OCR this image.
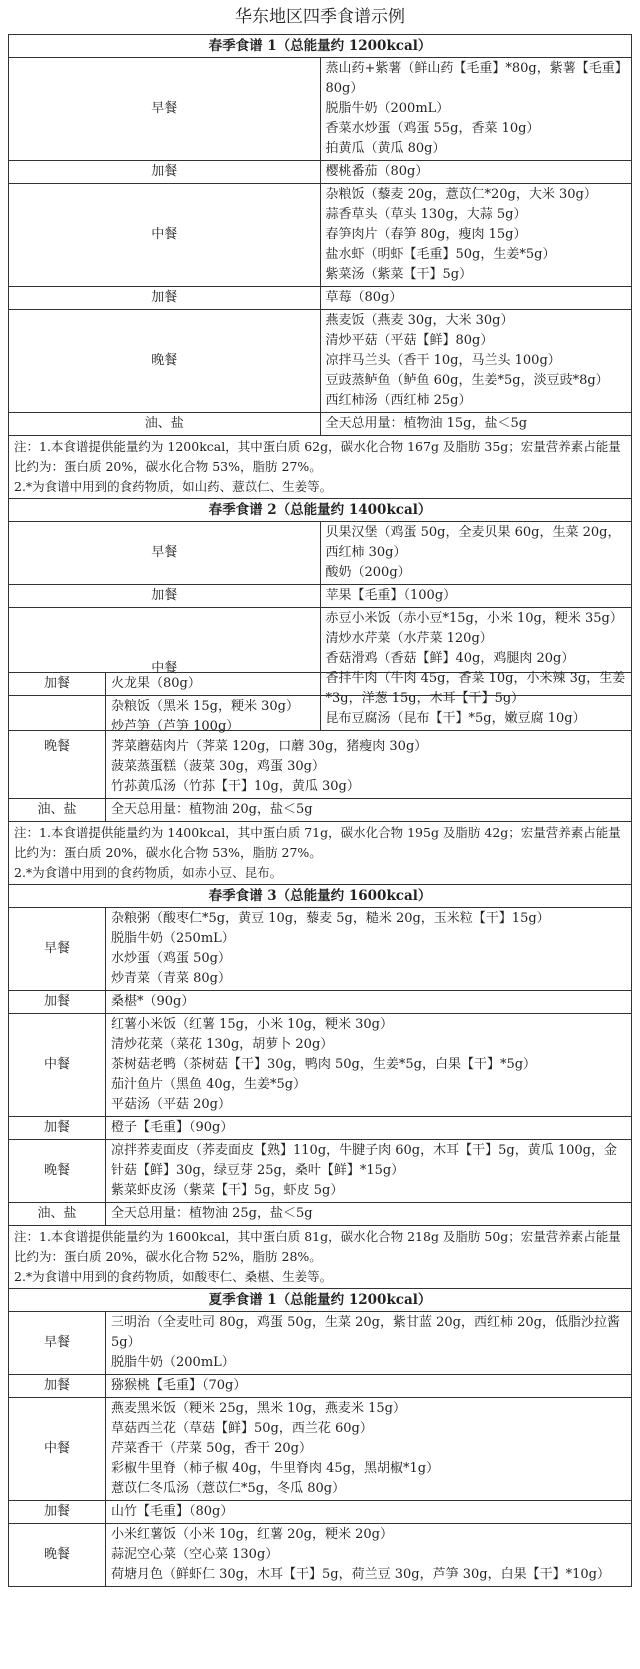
华东地区四季食谱示例
春季食谱 1（总能量约 1200kcal）	
早餐	蒸山药+紫薯（鲜山药【毛重】*80g，紫薯【毛重】80g）
脱脂牛奶（200mL）
香菜水炒蛋（鸡蛋 55g，香菜 10g）
拍黄瓜（黄瓜 80g）

加餐	樱桃番茄（80g）

中餐	杂粮饭（藜麦 20g，薏苡仁*20g，大米 30g）
蒜香草头（草头 130g，大蒜 5g）
春笋肉片（春笋 80g，瘦肉 15g）
盐水虾（明虾【毛重】50g，生姜*5g）
紫菜汤（紫菜【干】5g）

加餐	草莓（80g）

晚餐	燕麦饭（燕麦 30g，大米 30g）
清炒平菇（平菇【鲜】80g）
凉拌马兰头（香干 10g，马兰头 100g）
豆豉蒸鲈鱼（鲈鱼 60g，生姜*5g，淡豆豉*8g）
西红柿汤（西红柿 25g）

油、盐	全天总用量：植物油 15g，盐＜5g

注：1.本食谱提供能量约为 1200kcal，其中蛋白质 62g，碳水化合物 167g 及脂肪 35g；宏量营养素占能量比约为：蛋白质 20%，碳水化合物 53%，脂肪 27%。
2.*为食谱中用到的食药物质，如山药、薏苡仁、生姜等。	

春季食谱 2（总能量约 1400kcal）	
早餐	贝果汉堡（鸡蛋 50g，全麦贝果 60g，生菜 20g，西红柿 30g）
酸奶（200g）

加餐	苹果【毛重】（100g）

中餐	赤豆小米饭（赤小豆*15g，小米 10g，粳米 35g）
清炒水芹菜（水芹菜 120g）
香菇滑鸡（香菇【鲜】40g，鸡腿肉 20g）
香拌牛肉（牛肉 45g，香菜 10g，小米辣 3g，生姜*3g，洋葱 15g，木耳【干】5g）
昆布豆腐汤（昆布【干】*5g，嫩豆腐 10g）
加餐	火龙果（80g）

晚餐	杂粮饭（黑米 15g，粳米 30g）
炒芦笋（芦笋 100g）
荠菜蘑菇肉片（荠菜 120g，口蘑 30g，猪瘦肉 30g）
菠菜蒸蛋糕（菠菜 30g，鸡蛋 30g）
竹荪黄瓜汤（竹荪【干】10g，黄瓜 30g）

油、盐	全天总用量：植物油 20g，盐＜5g

注：1.本食谱提供能量约为 1400kcal，其中蛋白质 71g，碳水化合物 195g 及脂肪 42g；宏量营养素占能量比约为：蛋白质 20%，碳水化合物 53%，脂肪 27%。
2.*为食谱中用到的食药物质，如赤小豆、昆布。	

春季食谱 3（总能量约 1600kcal）	
早餐	杂粮粥（酸枣仁*5g，黄豆 10g，藜麦 5g，糙米 20g，玉米粒【干】15g）
脱脂牛奶（250mL）
水炒蛋（鸡蛋 50g）
炒青菜（青菜 80g）

加餐	桑椹*（90g）

中餐	红薯小米饭（红薯 15g，小米 10g，粳米 30g）
清炒花菜（菜花 130g，胡萝卜 20g）
茶树菇老鸭（茶树菇【干】30g，鸭肉 50g，生姜*5g，白果【干】*5g）
茄汁鱼片（黑鱼 40g，生姜*5g）
平菇汤（平菇 20g）

加餐	橙子【毛重】（90g）

晚餐	凉拌荞麦面皮（荞麦面皮【熟】110g，牛腱子肉 60g，木耳【干】5g，黄瓜 100g，金针菇【鲜】30g，绿豆芽 25g，桑叶【鲜】*15g）
紫菜虾皮汤（紫菜【干】5g，虾皮 5g）

油、盐	全天总用量：植物油 25g，盐＜5g

注：1.本食谱提供能量约为 1600kcal，其中蛋白质 81g，碳水化合物 218g 及脂肪 50g；宏量营养素占能量比约为：蛋白质 20%，碳水化合物 52%，脂肪 28%。
2.*为食谱中用到的食药物质，如酸枣仁、桑椹、生姜等。	

夏季食谱 1（总能量约 1200kcal）	
早餐	三明治（全麦吐司 80g，鸡蛋 50g，生菜 20g，紫甘蓝 20g，西红柿 20g，低脂沙拉酱 5g）
脱脂牛奶（200mL）

加餐	猕猴桃【毛重】（70g）

中餐	燕麦黑米饭（粳米 25g，黑米 10g，燕麦米 15g）
草菇西兰花（草菇【鲜】50g，西兰花 60g）
芹菜香干（芹菜 50g，香干 20g）
彩椒牛里脊（柿子椒 40g，牛里脊肉 45g，黑胡椒*1g）
薏苡仁冬瓜汤（薏苡仁*5g，冬瓜 80g）

加餐	山竹【毛重】（80g）

晚餐	小米红薯饭（小米 10g，红薯 20g，粳米 20g）
蒜泥空心菜（空心菜 130g）
荷塘月色（鲜虾仁 30g，木耳【干】5g，荷兰豆 30g，芦笋 30g，白果【干】*10g）
